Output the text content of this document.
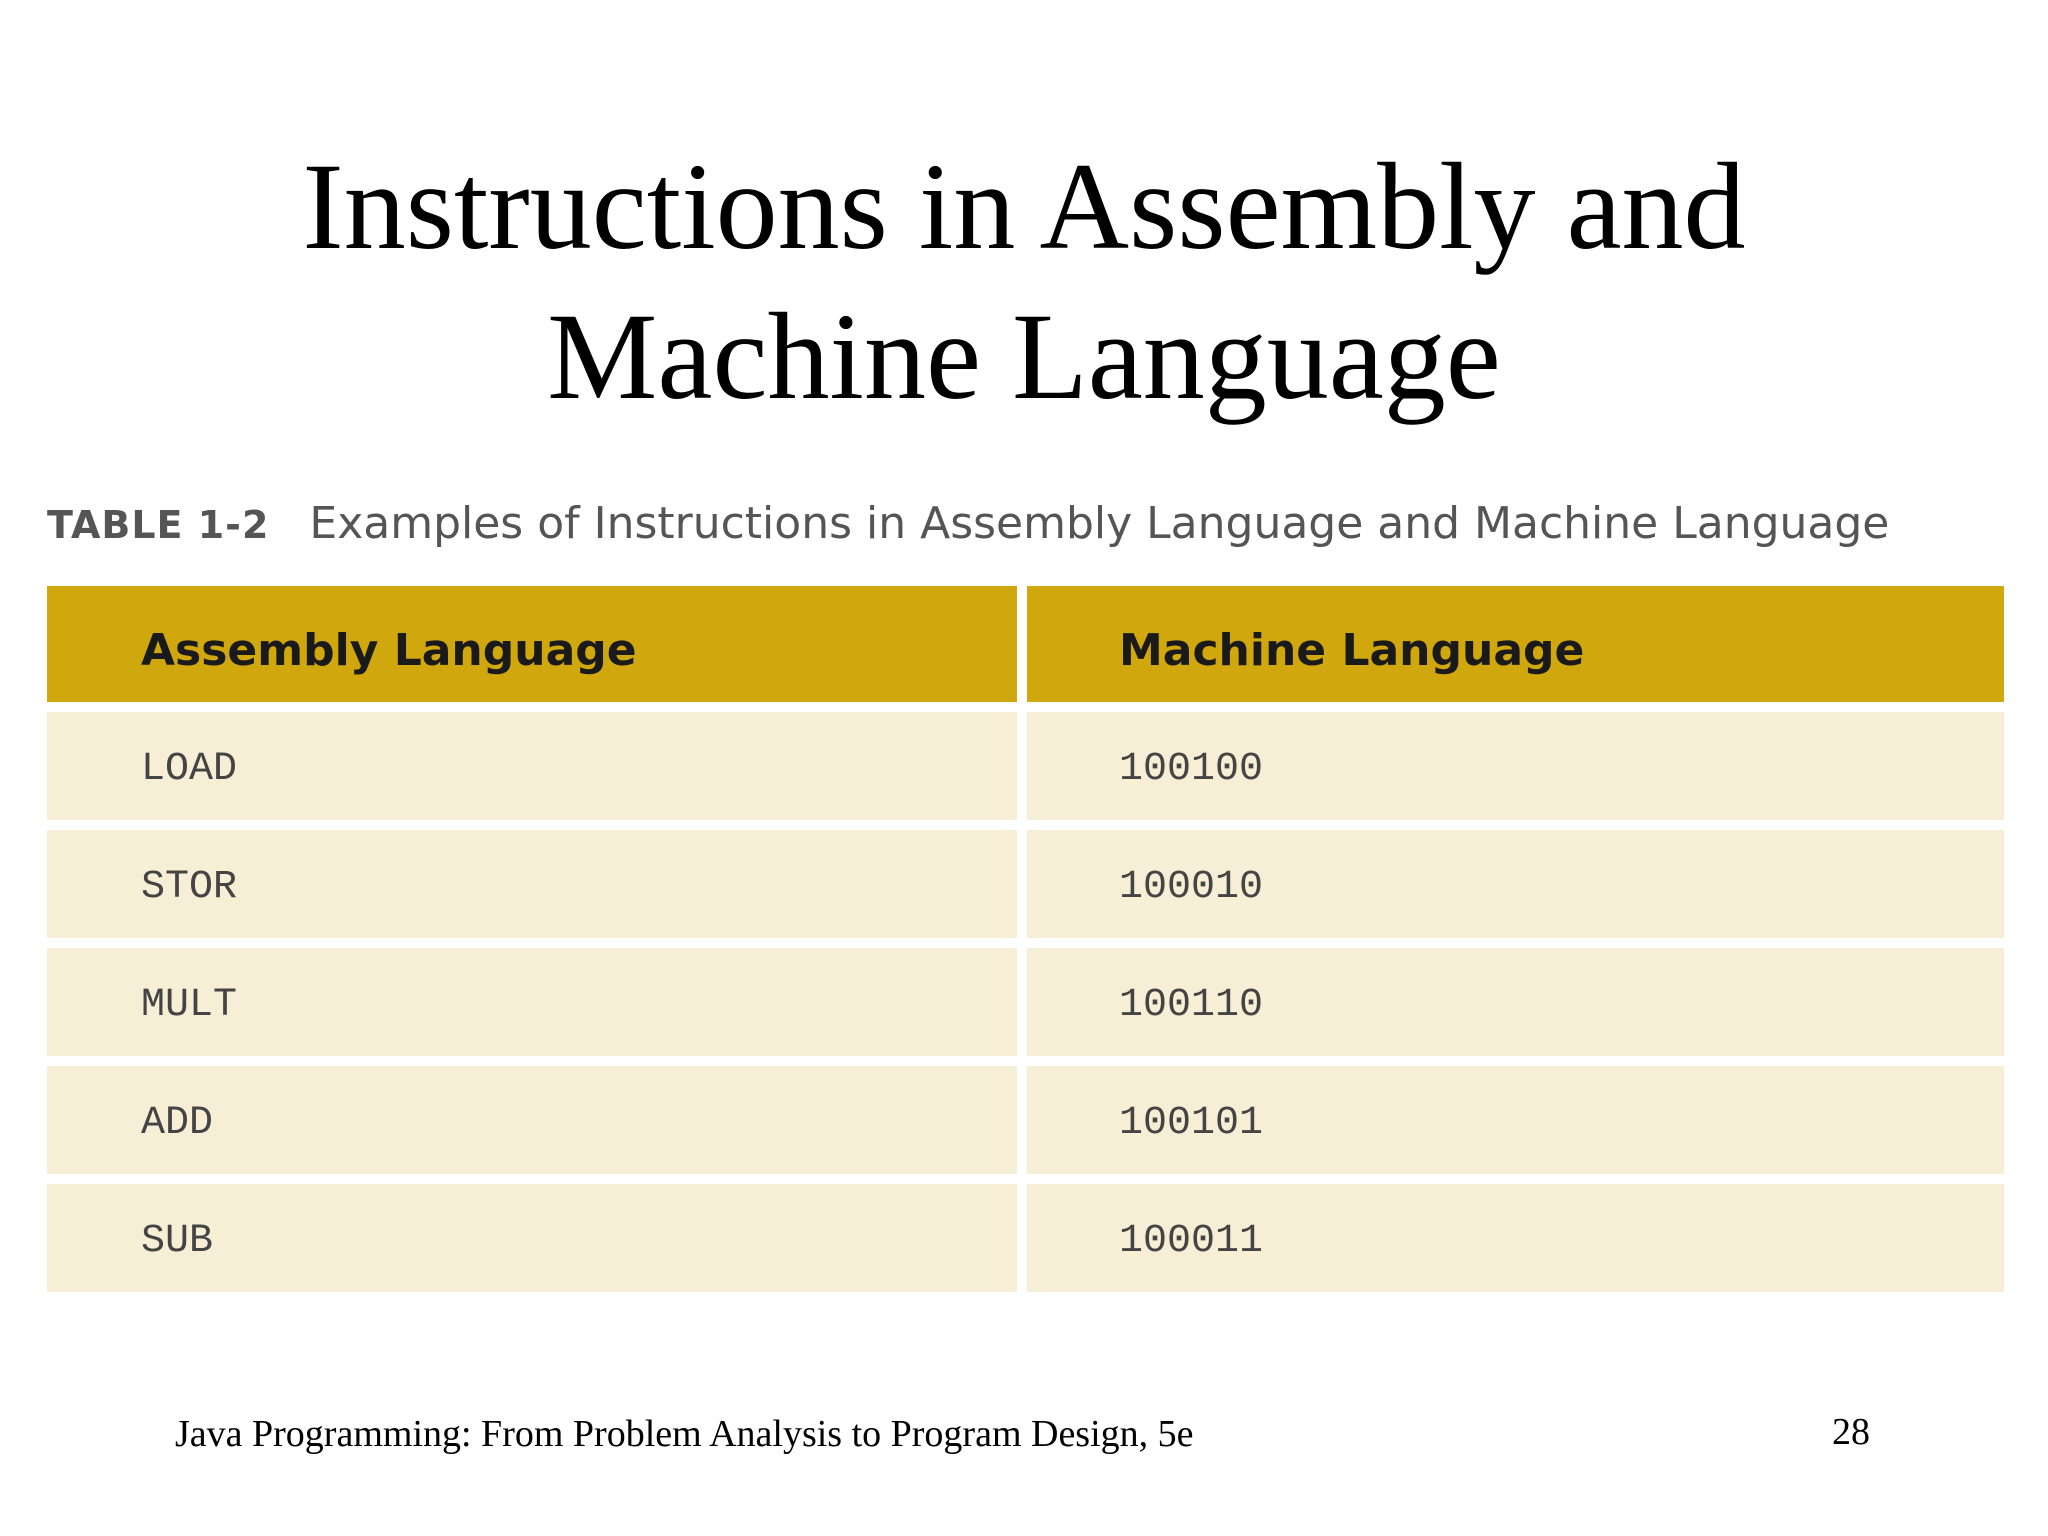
Instructions in Assembly and
Machine Language
TABLE 1-2 Examples of Instructions in Assembly Language and Machine Language
Assembly Language	Machine Language
LOAD	100100
STOR	100010
MULT	100110
ADD	100101
SUB	100011
Java Programming: From Problem Analysis to Program Design, 5e	28
